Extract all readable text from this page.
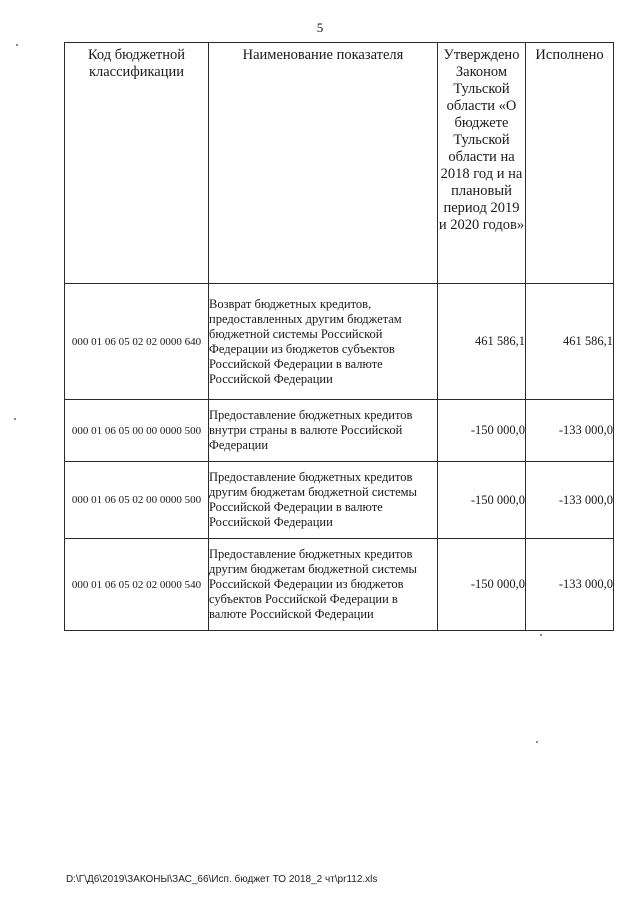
5
Код бюджетной классификации	Наименование показателя	Утверждено Законом Тульской области «О бюджете Тульской области на 2018 год и на плановый период 2019 и 2020 годов»	Исполнено
000 01 06 05 02 02 0000 640	Возврат бюджетных кредитов, предоставленных другим бюджетам бюджетной системы Российской Федерации из бюджетов субъектов Российской Федерации в валюте Российской Федерации	461 586,1	461 586,1
000 01 06 05 00 00 0000 500	Предоставление бюджетных кредитов внутри страны в валюте Российской Федерации	-150 000,0	-133 000,0
000 01 06 05 02 00 0000 500	Предоставление бюджетных кредитов другим бюджетам бюджетной системы Российской Федерации в валюте Российской Федерации	-150 000,0	-133 000,0
000 01 06 05 02 02 0000 540	Предоставление бюджетных кредитов другим бюджетам бюджетной системы Российской Федерации из бюджетов субъектов Российской Федерации в валюте Российской Федерации	-150 000,0	-133 000,0
D:\Г\Д6\2019\ЗАКОНЫ\ЗАС_66\Исп. бюджет ТО 2018_2 чт\pr112.xls
